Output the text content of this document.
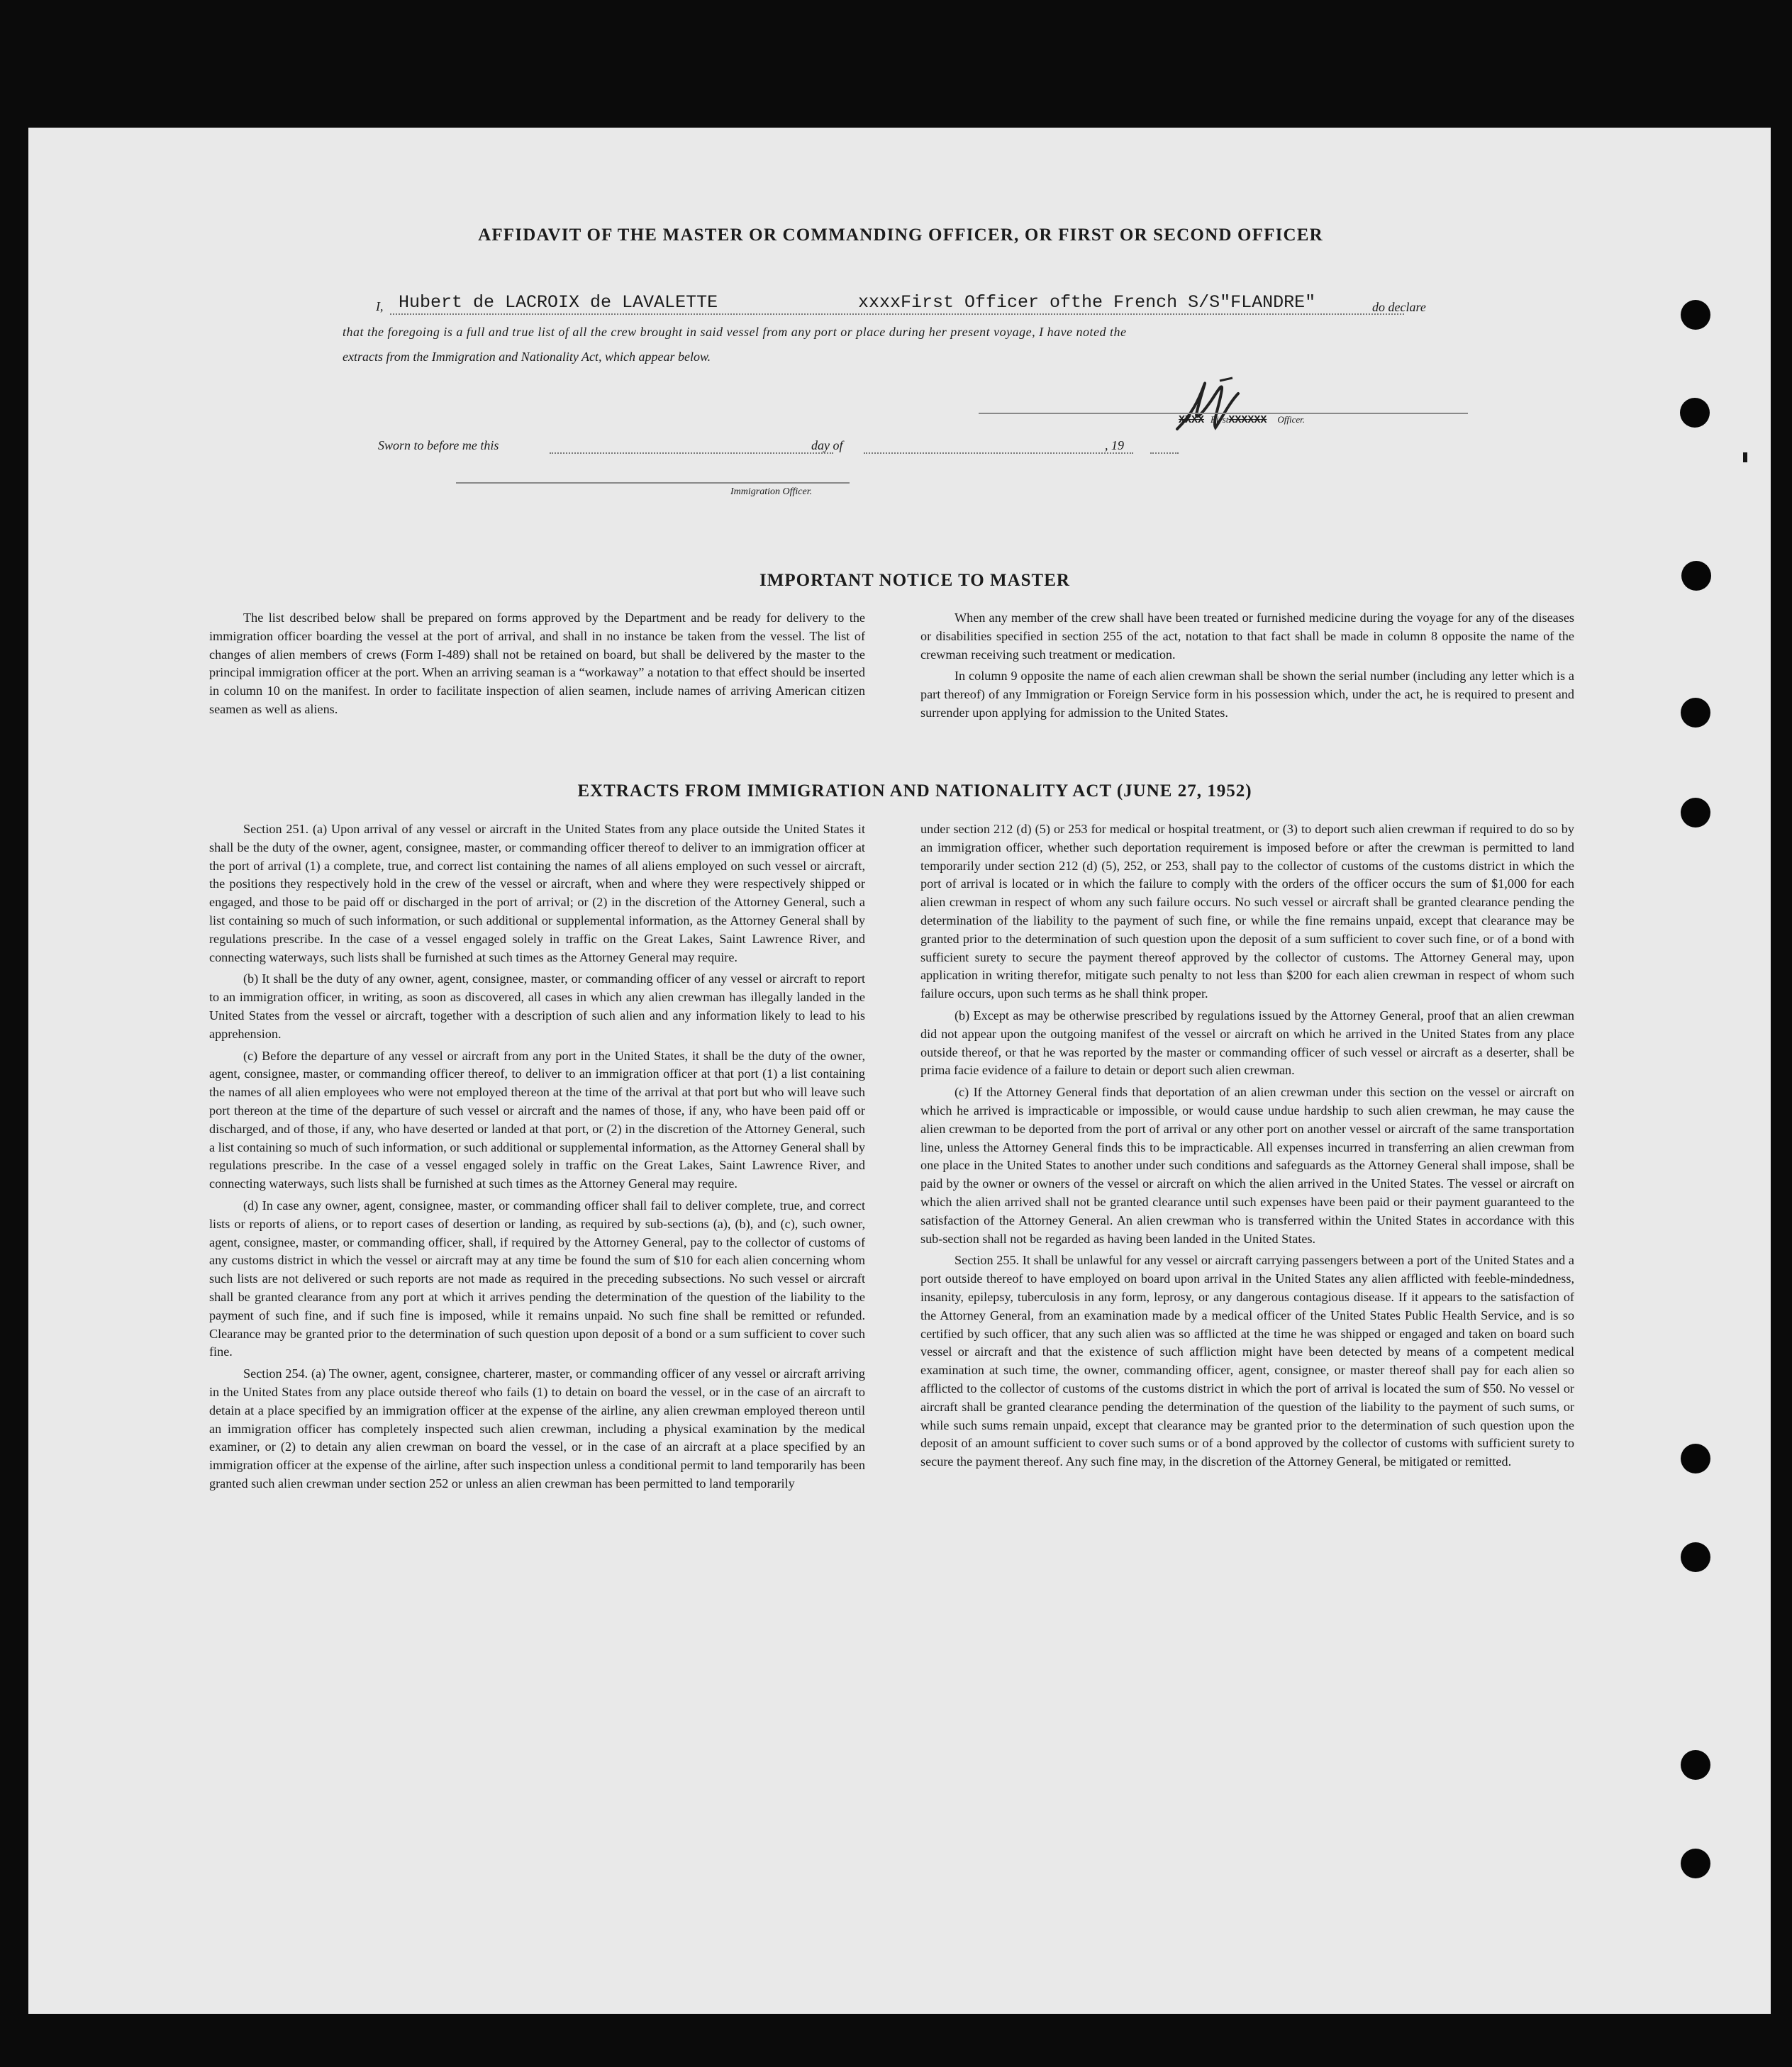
AFFIDAVIT OF THE MASTER OR COMMANDING OFFICER, OR FIRST OR SECOND OFFICER
I, Hubert de LACROIX de LAVALETTE	xxxxFirst Officer ofthe French S/S"FLANDRE"	do declare
that the foregoing is a full and true list of all the crew brought in said vessel from any port or place during her present voyage, I have noted the
extracts from the Immigration and Nationality Act, which appear below.
XXXX FirstXXXXXX Officer.
Sworn to before me this	day of	, 19
Immigration Officer.
IMPORTANT NOTICE TO MASTER

The list described below shall be prepared on forms approved by the Department and be ready for delivery to the immigration officer boarding the vessel at the port of arrival, and shall in no instance be taken from the vessel. The list of changes of alien members of crews (Form I-489) shall not be retained on board, but shall be delivered by the master to the principal immigration officer at the port. When an arriving seaman is a “workaway” a notation to that effect should be inserted in column 10 on the manifest. In order to facilitate inspection of alien seamen, include names of arriving American citizen seamen as well as aliens.

When any member of the crew shall have been treated or furnished medicine during the voyage for any of the diseases or disabilities specified in section 255 of the act, notation to that fact shall be made in column 8 opposite the name of the crewman receiving such treatment or medication.

In column 9 opposite the name of each alien crewman shall be shown the serial number (including any letter which is a part thereof) of any Immigration or Foreign Service form in his possession which, under the act, he is required to present and surrender upon applying for admission to the United States.

EXTRACTS FROM IMMIGRATION AND NATIONALITY ACT (JUNE 27, 1952)

Section 251. (a) Upon arrival of any vessel or aircraft in the United States from any place outside the United States it shall be the duty of the owner, agent, consignee, master, or commanding officer thereof to deliver to an immigration officer at the port of arrival (1) a complete, true, and correct list containing the names of all aliens employed on such vessel or aircraft, the positions they respectively hold in the crew of the vessel or aircraft, when and where they were respectively shipped or engaged, and those to be paid off or discharged in the port of arrival; or (2) in the discretion of the Attorney General, such a list containing so much of such information, or such additional or supplemental information, as the Attorney General shall by regulations prescribe. In the case of a vessel engaged solely in traffic on the Great Lakes, Saint Lawrence River, and connecting waterways, such lists shall be furnished at such times as the Attorney General may require.

(b) It shall be the duty of any owner, agent, consignee, master, or commanding officer of any vessel or aircraft to report to an immigration officer, in writing, as soon as discovered, all cases in which any alien crewman has illegally landed in the United States from the vessel or aircraft, together with a description of such alien and any information likely to lead to his apprehension.

(c) Before the departure of any vessel or aircraft from any port in the United States, it shall be the duty of the owner, agent, consignee, master, or commanding officer thereof, to deliver to an immigration officer at that port (1) a list containing the names of all alien employees who were not employed thereon at the time of the arrival at that port but who will leave such port thereon at the time of the departure of such vessel or aircraft and the names of those, if any, who have been paid off or discharged, and of those, if any, who have deserted or landed at that port, or (2) in the discretion of the Attorney General, such a list containing so much of such information, or such additional or supplemental information, as the Attorney General shall by regulations prescribe. In the case of a vessel engaged solely in traffic on the Great Lakes, Saint Lawrence River, and connecting waterways, such lists shall be furnished at such times as the Attorney General may require.

(d) In case any owner, agent, consignee, master, or commanding officer shall fail to deliver complete, true, and correct lists or reports of aliens, or to report cases of desertion or landing, as required by sub-sections (a), (b), and (c), such owner, agent, consignee, master, or commanding officer, shall, if required by the Attorney General, pay to the collector of customs of any customs district in which the vessel or aircraft may at any time be found the sum of $10 for each alien concerning whom such lists are not delivered or such reports are not made as required in the preceding subsections. No such vessel or aircraft shall be granted clearance from any port at which it arrives pending the determination of the question of the liability to the payment of such fine, and if such fine is imposed, while it remains unpaid. No such fine shall be remitted or refunded. Clearance may be granted prior to the determination of such question upon deposit of a bond or a sum sufficient to cover such fine.

Section 254. (a) The owner, agent, consignee, charterer, master, or commanding officer of any vessel or aircraft arriving in the United States from any place outside thereof who fails (1) to detain on board the vessel, or in the case of an aircraft to detain at a place specified by an immigration officer at the expense of the airline, any alien crewman employed thereon until an immigration officer has completely inspected such alien crewman, including a physical examination by the medical examiner, or (2) to detain any alien crewman on board the vessel, or in the case of an aircraft at a place specified by an immigration officer at the expense of the airline, after such inspection unless a conditional permit to land temporarily has been granted such alien crewman under section 252 or unless an alien crewman has been permitted to land temporarily

under section 212 (d) (5) or 253 for medical or hospital treatment, or (3) to deport such alien crewman if required to do so by an immigration officer, whether such deportation requirement is imposed before or after the crewman is permitted to land temporarily under section 212 (d) (5), 252, or 253, shall pay to the collector of customs of the customs district in which the port of arrival is located or in which the failure to comply with the orders of the officer occurs the sum of $1,000 for each alien crewman in respect of whom any such failure occurs. No such vessel or aircraft shall be granted clearance pending the determination of the liability to the payment of such fine, or while the fine remains unpaid, except that clearance may be granted prior to the determination of such question upon the deposit of a sum sufficient to cover such fine, or of a bond with sufficient surety to secure the payment thereof approved by the collector of customs. The Attorney General may, upon application in writing therefor, mitigate such penalty to not less than $200 for each alien crewman in respect of whom such failure occurs, upon such terms as he shall think proper.

(b) Except as may be otherwise prescribed by regulations issued by the Attorney General, proof that an alien crewman did not appear upon the outgoing manifest of the vessel or aircraft on which he arrived in the United States from any place outside thereof, or that he was reported by the master or commanding officer of such vessel or aircraft as a deserter, shall be prima facie evidence of a failure to detain or deport such alien crewman.

(c) If the Attorney General finds that deportation of an alien crewman under this section on the vessel or aircraft on which he arrived is impracticable or impossible, or would cause undue hardship to such alien crewman, he may cause the alien crewman to be deported from the port of arrival or any other port on another vessel or aircraft of the same transportation line, unless the Attorney General finds this to be impracticable. All expenses incurred in transferring an alien crewman from one place in the United States to another under such conditions and safeguards as the Attorney General shall impose, shall be paid by the owner or owners of the vessel or aircraft on which the alien arrived in the United States. The vessel or aircraft on which the alien arrived shall not be granted clearance until such expenses have been paid or their payment guaranteed to the satisfaction of the Attorney General. An alien crewman who is transferred within the United States in accordance with this sub-section shall not be regarded as having been landed in the United States.

Section 255. It shall be unlawful for any vessel or aircraft carrying passengers between a port of the United States and a port outside thereof to have employed on board upon arrival in the United States any alien afflicted with feeble-mindedness, insanity, epilepsy, tuberculosis in any form, leprosy, or any dangerous contagious disease. If it appears to the satisfaction of the Attorney General, from an examination made by a medical officer of the United States Public Health Service, and is so certified by such officer, that any such alien was so afflicted at the time he was shipped or engaged and taken on board such vessel or aircraft and that the existence of such affliction might have been detected by means of a competent medical examination at such time, the owner, commanding officer, agent, consignee, or master thereof shall pay for each alien so afflicted to the collector of customs of the customs district in which the port of arrival is located the sum of $50. No vessel or aircraft shall be granted clearance pending the determination of the question of the liability to the payment of such sums, or while such sums remain unpaid, except that clearance may be granted prior to the determination of such question upon the deposit of an amount sufficient to cover such sums or of a bond approved by the collector of customs with sufficient surety to secure the payment thereof. Any such fine may, in the discretion of the Attorney General, be mitigated or remitted.
